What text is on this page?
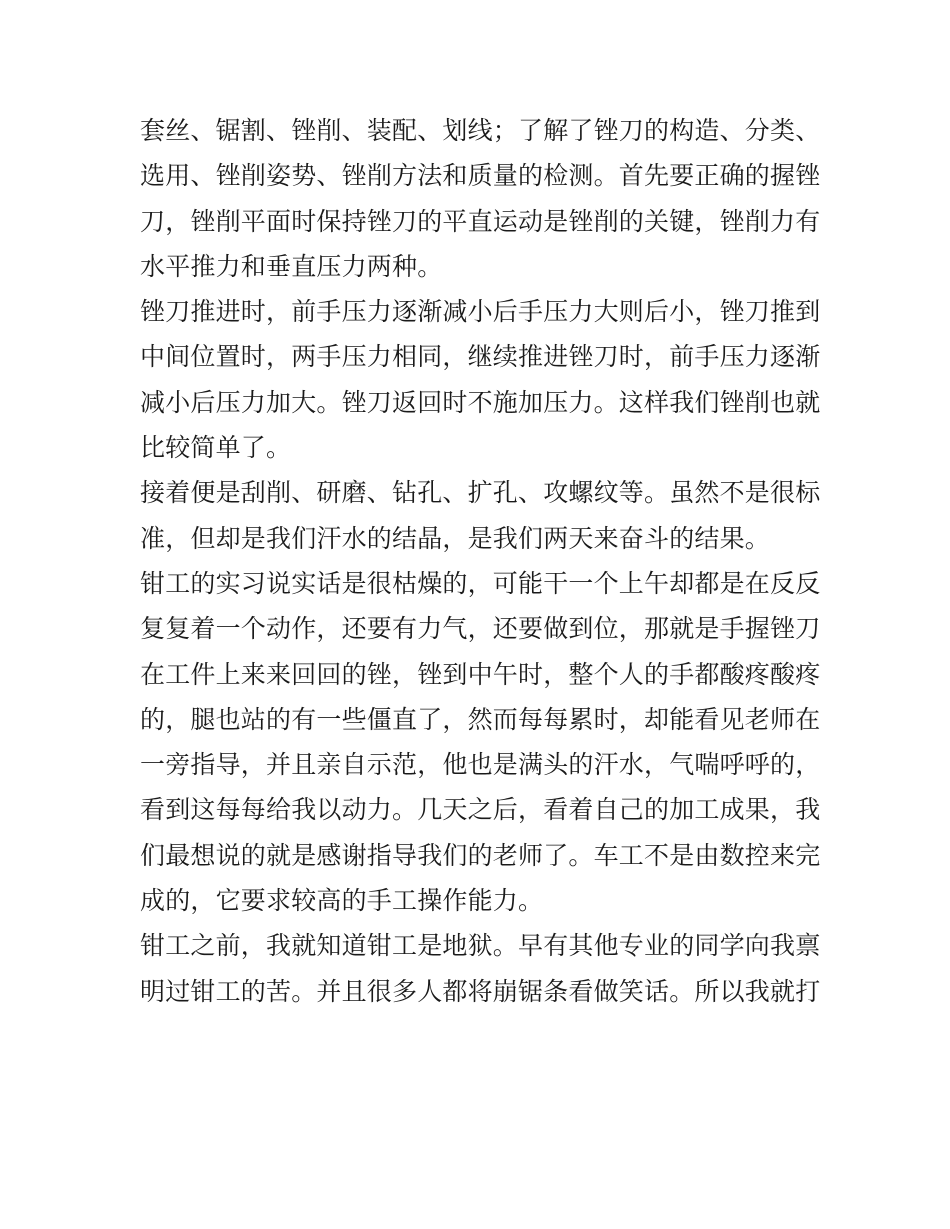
套丝、锯割、锉削、装配、划线；了解了锉刀的构造、分类、
选用、锉削姿势、锉削方法和质量的检测。首先要正确的握锉
刀，锉削平面时保持锉刀的平直运动是锉削的关键，锉削力有
水平推力和垂直压力两种。
锉刀推进时，前手压力逐渐减小后手压力大则后小，锉刀推到
中间位置时，两手压力相同，继续推进锉刀时，前手压力逐渐
减小后压力加大。锉刀返回时不施加压力。这样我们锉削也就
比较简单了。
接着便是刮削、研磨、钻孔、扩孔、攻螺纹等。虽然不是很标
准，但却是我们汗水的结晶，是我们两天来奋斗的结果。
钳工的实习说实话是很枯燥的，可能干一个上午却都是在反反
复复着一个动作，还要有力气，还要做到位，那就是手握锉刀
在工件上来来回回的锉，锉到中午时，整个人的手都酸疼酸疼
的，腿也站的有一些僵直了，然而每每累时，却能看见老师在
一旁指导，并且亲自示范，他也是满头的汗水，气喘呼呼的，
看到这每每给我以动力。几天之后，看着自己的加工成果，我
们最想说的就是感谢指导我们的老师了。车工不是由数控来完
成的，它要求较高的手工操作能力。
钳工之前，我就知道钳工是地狱。早有其他专业的同学向我禀
明过钳工的苦。并且很多人都将崩锯条看做笑话。所以我就打
